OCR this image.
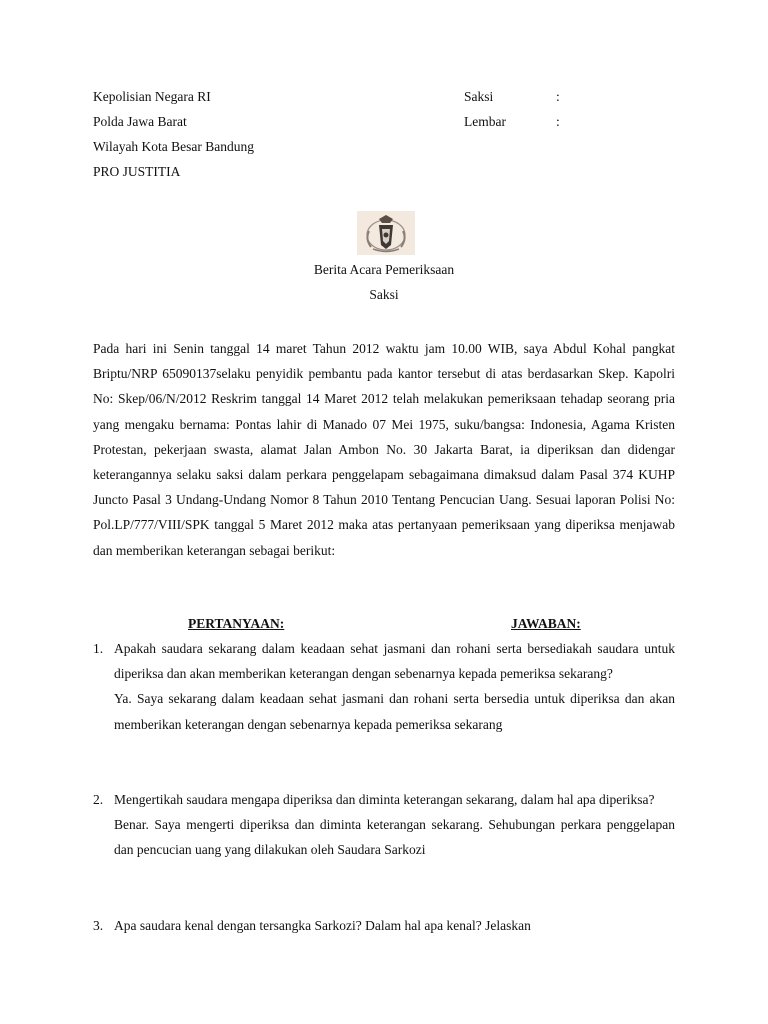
Kepolisian Negara RI
Polda Jawa Barat
Wilayah Kota Besar Bandung
PRO JUSTITIA
Saksi	:
Lembar	:
Berita Acara Pemeriksaan
Saksi

Pada hari ini Senin tanggal 14 maret Tahun 2012 waktu jam 10.00 WIB, saya Abdul Kohal pangkat Briptu/NRP 65090137selaku penyidik pembantu pada kantor tersebut di atas berdasarkan Skep. Kapolri No: Skep/06/N/2012 Reskrim tanggal 14 Maret 2012 telah melakukan pemeriksaan tehadap seorang pria yang mengaku bernama: Pontas lahir di Manado 07 Mei 1975, suku/bangsa: Indonesia, Agama Kristen Protestan, pekerjaan swasta, alamat Jalan Ambon No. 30 Jakarta Barat, ia diperiksan dan didengar keterangannya selaku saksi dalam perkara penggelapam sebagaimana dimaksud dalam Pasal 374 KUHP Juncto Pasal 3 Undang-Undang Nomor 8 Tahun 2010 Tentang Pencucian Uang. Sesuai laporan Polisi No: Pol.LP/777/VIII/SPK tanggal 5 Maret 2012 maka atas pertanyaan pemeriksaan yang diperiksa menjawab dan memberikan keterangan sebagai berikut:

PERTANYAAN:	JAWABAN:
1. Apakah saudara sekarang dalam keadaan sehat jasmani dan rohani serta bersediakah saudara untuk diperiksa dan akan memberikan keterangan dengan sebenarnya kepada pemeriksa sekarang?
Ya. Saya sekarang dalam keadaan sehat jasmani dan rohani serta bersedia untuk diperiksa dan akan memberikan keterangan dengan sebenarnya kepada pemeriksa sekarang
2. Mengertikah saudara mengapa diperiksa dan diminta keterangan sekarang, dalam hal apa diperiksa?
Benar. Saya mengerti diperiksa dan diminta keterangan sekarang. Sehubungan perkara penggelapan dan pencucian uang yang dilakukan oleh Saudara Sarkozi
3. Apa saudara kenal dengan tersangka Sarkozi? Dalam hal apa kenal? Jelaskan
